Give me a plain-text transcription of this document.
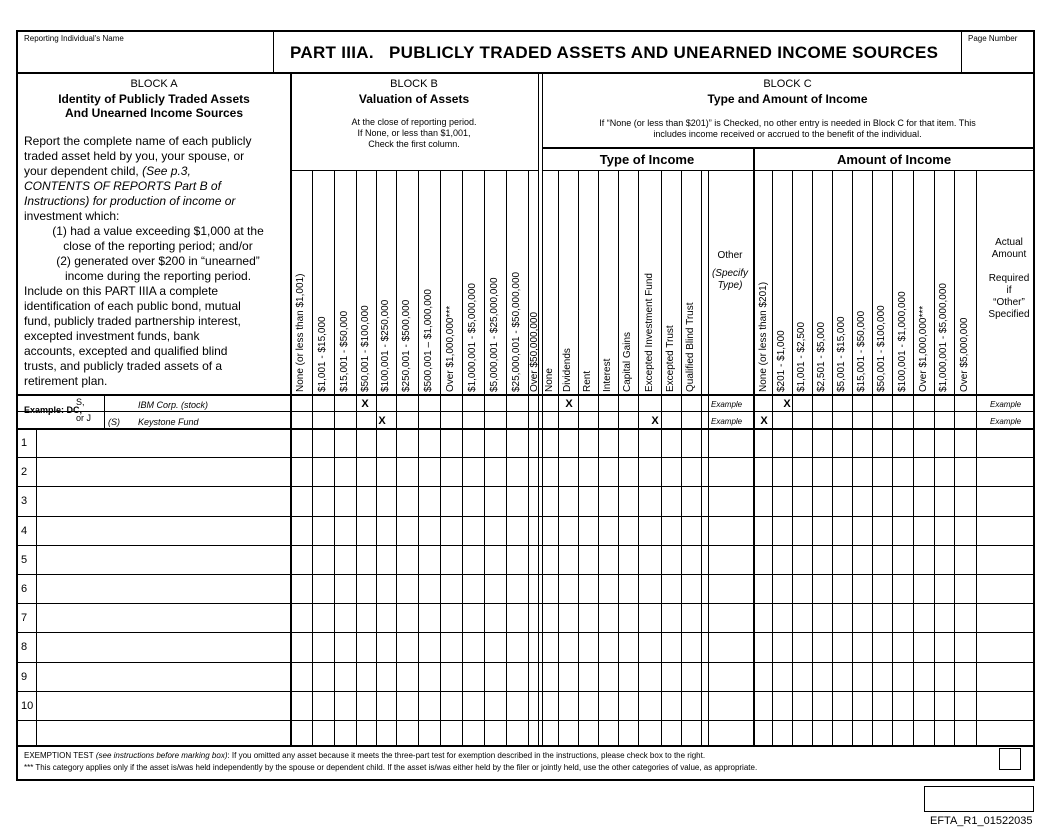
Reporting Individual's Name
PART IIIA.   PUBLICLY TRADED ASSETS AND UNEARNED INCOME SOURCES
Page Number
BLOCK A
Identity of Publicly Traded Assets
And Unearned Income Sources
Report the complete name of each publicly
traded asset held by you, your spouse, or
your dependent child, (See p.3,
CONTENTS OF REPORTS Part B of
Instructions) for production of income or
investment which:
(1) had a value exceeding $1,000 at the
close of the reporting period; and/or
(2) generated over $200 in “unearned”
income during the reporting period.
Include on this PART IIIA a complete
identification of each public bond, mutual
fund, publicly traded partnership interest,
excepted investment funds, bank
accounts, excepted and qualified blind
trusts, and publicly traded assets of a
retirement plan.
BLOCK B
Valuation of Assets
At the close of reporting period.
If None, or less than $1,001,
Check the first column.
BLOCK C
Type and Amount of Income
If “None (or less than $201)” is Checked, no other entry is needed in Block C for that item. This
includes income received or accrued to the benefit of the individual.
Type of Income	Amount of Income
Other
(Specify
Type)
Actual
Amount
Required
if
“Other”
Specified
None (or less than $1,001) $1,001 - $15,000 $15,001 - $50,000 $50,001 - $100,000 $100,001 - $250,000 $250,001 - $500,000 $500,001 – $1,000,000 Over $1,000,000*** $1,000,001 - $5,000,000 $5,000,001 - $25,000,000 $25,000,001 - $50,000,000 Over $50,000,000 None Dividends Rent Interest Capital Gains Excepted Investment Fund Excepted Trust Qualified Blind Trust	None (or less than $201) $201 - $1,000 $1,001 - $2,500 $2,501 - $5,000 $5,001 - $15,000 $15,001 - $50,000 $50,001 - $100,000 $100,001 - $1,000,000 Over $1,000,000*** $1,000,001 - $5,000,000 Over $5,000,000
Example: DC,
S,
or J
IBM Corp. (stock)
(S) Keystone Fund
Example
Example
Example
Example
X
X
X
X
X
X
1
2
3
4
5
6
7
8
9
10
EXEMPTION TEST (see instructions before marking box): If you omitted any asset because it meets the three-part test for exemption described in the instructions, please check box to the right.
*** This category applies only if the asset is/was held independently by the spouse or dependent child. If the asset is/was either held by the filer or jointly held, use the other categories of value, as appropriate.
EFTA_R1_01522035
